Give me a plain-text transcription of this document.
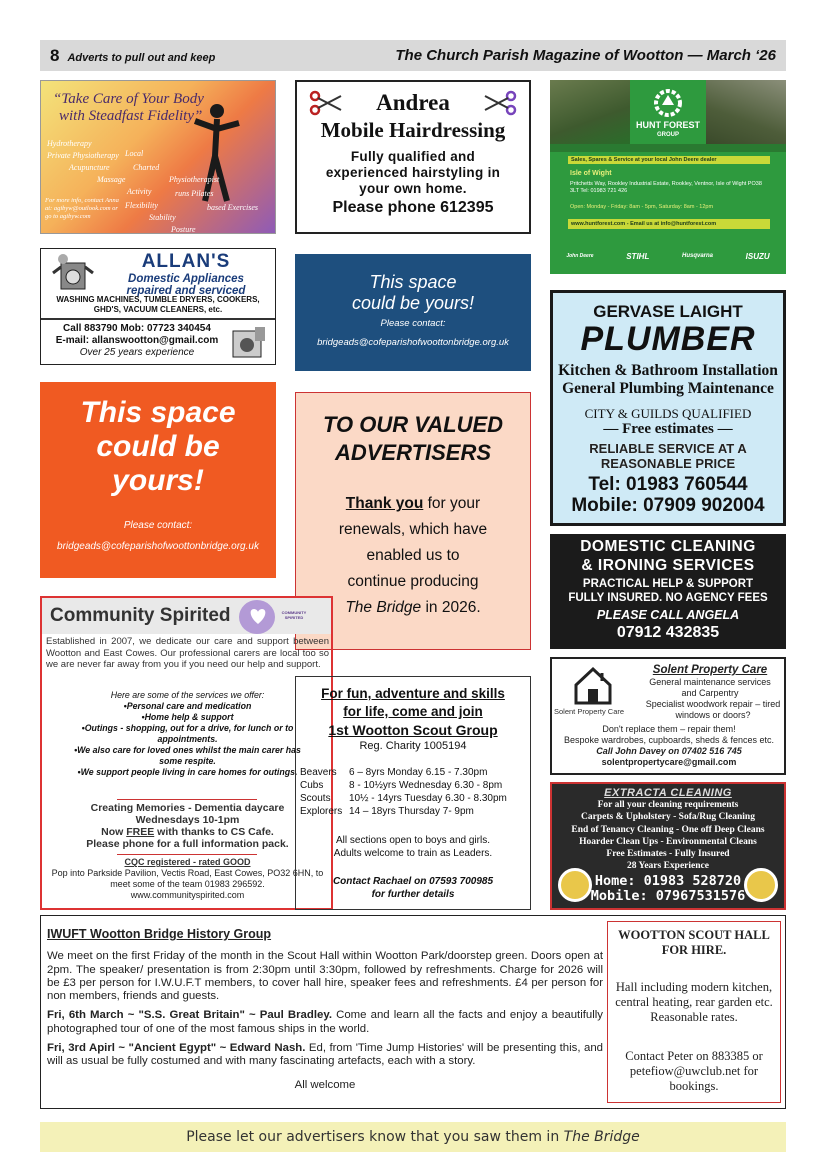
8 Adverts to pull out and keep	The Church Parish Magazine of Wootton — March ‘26
“Take Care of Your Body
with Steadfast Fidelity”
Hydrotherapy
Private Physiotherapy
Acupuncture
Massage
Local
Charted
Physiotherapist
Activity	runs Pilates
Flexibility	based Exercises
Stability
Posture
For more info, contact Anna at: agibyw@outlook.com or go to agibyw.com
Andrea
Mobile Hairdressing
Fully qualified and
experienced hairstyling in
your own home.
Please phone 612395
HUNT FOREST
GROUP
Sales, Spares & Service at your local John Deere dealer
Isle of Wight
Pritchetts Way, Rookley Industrial Estate, Rookley, Ventnor, Isle of Wight PO38 3LT Tel: 01983 721 426
Open: Monday - Friday: 8am - 5pm, Saturday: 8am - 12pm
www.huntforest.com - Email us at info@huntforest.com
John Deere	STIHL	Husqvarna	ISUZU
ALLAN'S
Domestic Appliances
repaired and serviced
WASHING MACHINES, TUMBLE DRYERS, COOKERS, GHD'S, VACUUM CLEANERS, etc.
Call 883790 Mob: 07723 340454
E-mail: allanswootton@gmail.com
Over 25 years experience
This space
could be yours!
Please contact:
bridgeads@cofeparishofwoottonbridge.org.uk
GERVASE LAIGHT
PLUMBER
Kitchen & Bathroom Installation
General Plumbing Maintenance
CITY & GUILDS QUALIFIED
— Free estimates —
RELIABLE SERVICE AT A REASONABLE PRICE
Tel: 01983 760544
Mobile: 07909 902004
This space
could be
yours!
Please contact:
bridgeads@cofeparishofwoottonbridge.org.uk
TO OUR VALUED
ADVERTISERS
Thank you for your
renewals, which have
enabled us to
continue producing
The Bridge in 2026.
DOMESTIC CLEANING
& IRONING SERVICES
PRACTICAL HELP & SUPPORT
FULLY INSURED. NO AGENCY FEES
PLEASE CALL ANGELA
07912 432835
Community Spirited	COMMUNITY SPIRITED
Established in 2007, we dedicate our care and support between Wootton and East Cowes. Our professional carers are local too so we are never far away from you if you need our help and support.
Here are some of the services we offer:
•Personal care and medication
•Home help & support
•Outings - shopping, out for a drive, for lunch or to appointments.
•We also care for loved ones whilst the main carer has some respite.
•We support people living in care homes for outings.
Creating Memories - Dementia daycare
Wednesdays 10-1pm
Now FREE with thanks to CS Cafe.
Please phone for a full information pack.
CQC registered - rated GOOD
Pop into Parkside Pavilion, Vectis Road, East Cowes, PO32 6HN, to meet some of the team 01983 296592.
www.communityspirited.com
For fun, adventure and skills
for life, come and join
1st Wootton Scout Group
Reg. Charity 1005194
Beavers	6 – 8yrs Monday 6.15 - 7.30pm
Cubs	8 - 10½yrs Wednesday 6.30 - 8pm
Scouts	10½ - 14yrs Tuesday 6.30 - 8.30pm
Explorers 14 – 18yrs Thursday 7- 9pm
All sections open to boys and girls.
Adults welcome to train as Leaders.
Contact Rachael on 07593 700985
for further details
Solent Property Care
Solent Property Care
General maintenance services
and Carpentry
Specialist woodwork repair – tired windows or doors?
Don't replace them – repair them!
Bespoke wardrobes, cupboards, sheds & fences etc.
Call John Davey on 07402 516 745
solentpropertycare@gmail.com
EXTRACTA CLEANING
For all your cleaning requirements
Carpets & Upholstery - Sofa/Rug Cleaning
End of Tenancy Cleaning - One off Deep Cleans
Hoarder Clean Ups - Environmental Cleans
Free Estimates - Fully Insured
28 Years Experience
Home: 01983 528720
Mobile: 07967531576
IWUFT Wootton Bridge History Group
We meet on the first Friday of the month in the Scout Hall within Wootton Park/doorstep green. Doors open at 2pm. The speaker/ presentation is from 2:30pm until 3:30pm, followed by refreshments. Charge for 2026 will be £3 per person for I.W.U.F.T members, to cover hall hire, speaker fees and refreshments. £4 per person for non members, friends and guests.
Fri, 6th March ~ "S.S. Great Britain" ~ Paul Bradley. Come and learn all the facts and enjoy a beautifully photographed tour of one of the most famous ships in the world.
Fri, 3rd Apirl ~ "Ancient Egypt" ~ Edward Nash. Ed, from 'Time Jump Histories' will be presenting this, and will as usual be fully costumed and with many fascinating artefacts, each with a story.
All welcome
WOOTTON SCOUT HALL
FOR HIRE.
Hall including modern kitchen, central heating, rear garden etc. Reasonable rates.
Contact Peter on 883385 or petefiow@uwclub.net for bookings.
Please let our advertisers know that you saw them in
The Bridge
